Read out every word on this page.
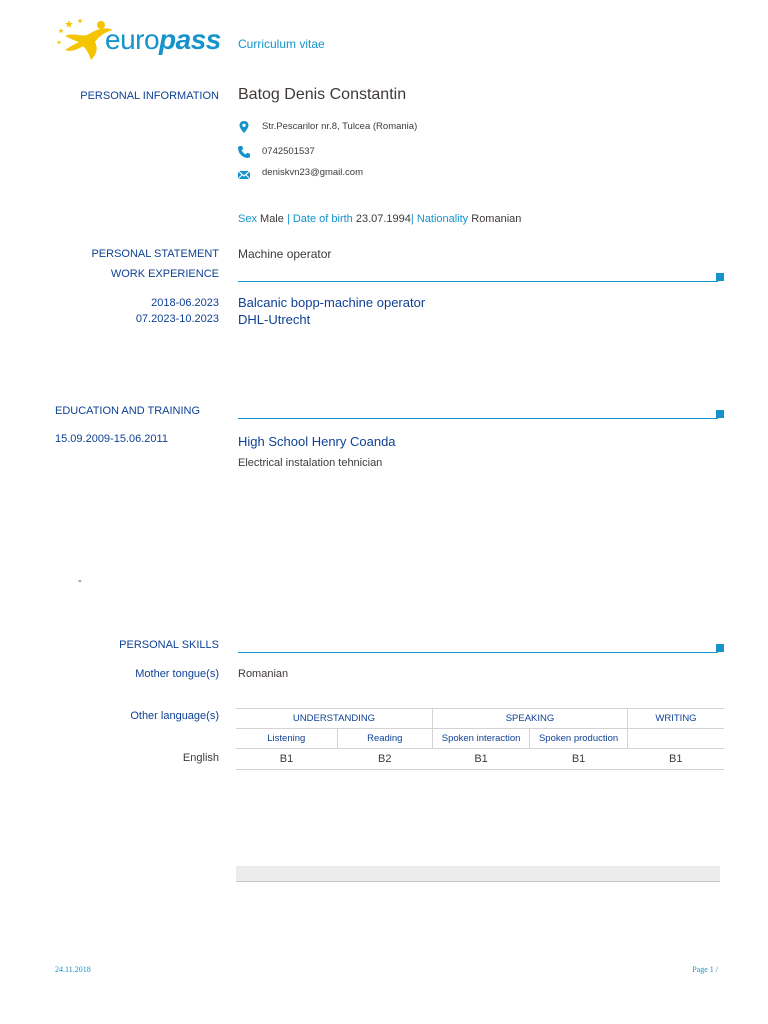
europass Curriculum vitae
PERSONAL INFORMATION Batog Denis Constantin
Str.Pescarilor nr.8, Tulcea (Romania)
0742501537
deniskvn23@gmail.com
Sex Male | Date of birth 23.07.1994| Nationality Romanian
PERSONAL STATEMENT Machine operator
WORK EXPERIENCE
2018-06.2023 Balcanic bopp-machine operator
07.2023-10.2023 DHL-Utrecht
EDUCATION AND TRAINING
15.09.2009-15.06.2011	High School Henry Coanda
Electrical instalation tehnician
-
PERSONAL SKILLS
Mother tongue(s) Romanian
Other language(s)
English
UNDERSTANDING		SPEAKING		WRITING
Listening	Reading	Spoken interaction	Spoken production	
B1	B2	B1	B1	B1
24.11.2018	Page 1 /
